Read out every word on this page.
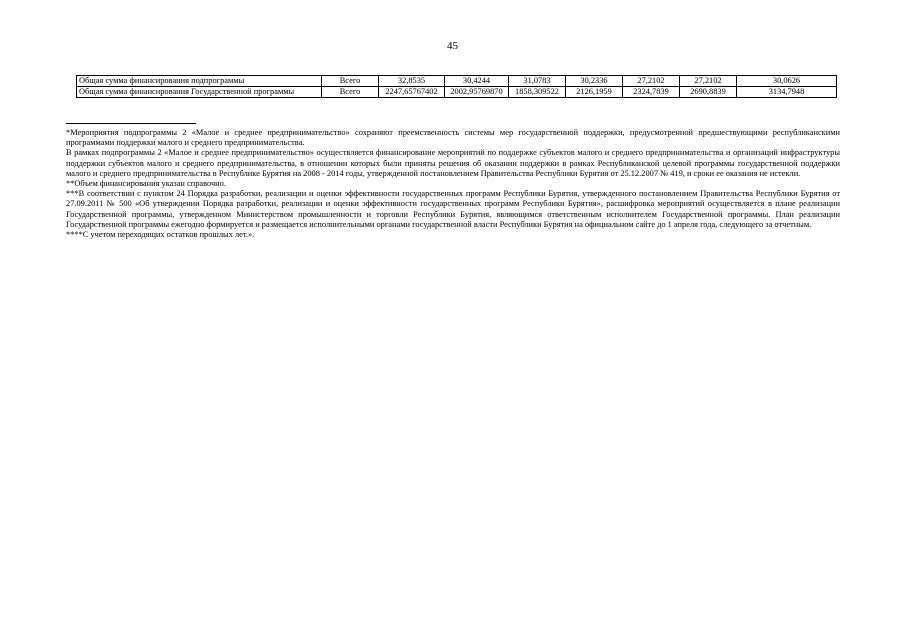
45
Общая сумма финансирования подпрограммы	Всего	32,8535	30,4244	31,0783	30,2336	27,2102	27,2102	30,0626
Общая сумма финансирования Государственной программы	Всего	2247,65767402	2002,95769870	1858,309522	2126,1959	2324,7839	2690,8839	3134,7948

*Мероприятия подпрограммы 2 «Малое и среднее предпринимательство» сохраняют преемственность системы мер государственной поддержки, предусмотренной предшествующими республиканскими программами поддержки малого и среднего предпринимательства.

В рамках подпрограммы 2 «Малое и среднее предпринимательство» осуществляется финансирование мероприятий по поддержке субъектов малого и среднего предпринимательства и организаций инфраструктуры поддержки субъектов малого и среднего предпринимательства, в отношении которых были приняты решения об оказании поддержки в рамках Республиканской целевой программы государственной поддержки малого и среднего предпринимательства в Республике Бурятия на 2008 - 2014 годы, утвержденной постановлением Правительства Республики Бурятия от 25.12.2007 № 419, и сроки ее оказания не истекли.

**Объем финансирования указан справочно.

***В соответствии с пунктом 24 Порядка разработки, реализации и оценки эффективности государственных программ Республики Бурятия, утвержденного постановлением Правительства Республики Бурятия от 27.09.2011 № 500 «Об утверждении Порядка разработки, реализации и оценки эффективности государственных программ Республики Бурятия», расшифровка мероприятий осуществляется в плане реализации Государственной программы, утвержденном Министерством промышленности и торговли Республики Бурятия, являющимся ответственным исполнителем Государственной программы. План реализации Государственной программы ежегодно формируется и размещается исполнительными органами государственной власти Республики Бурятия на официальном сайте до 1 апреля года, следующего за отчетным.

****С учетом переходящих остатков прошлых лет.».
